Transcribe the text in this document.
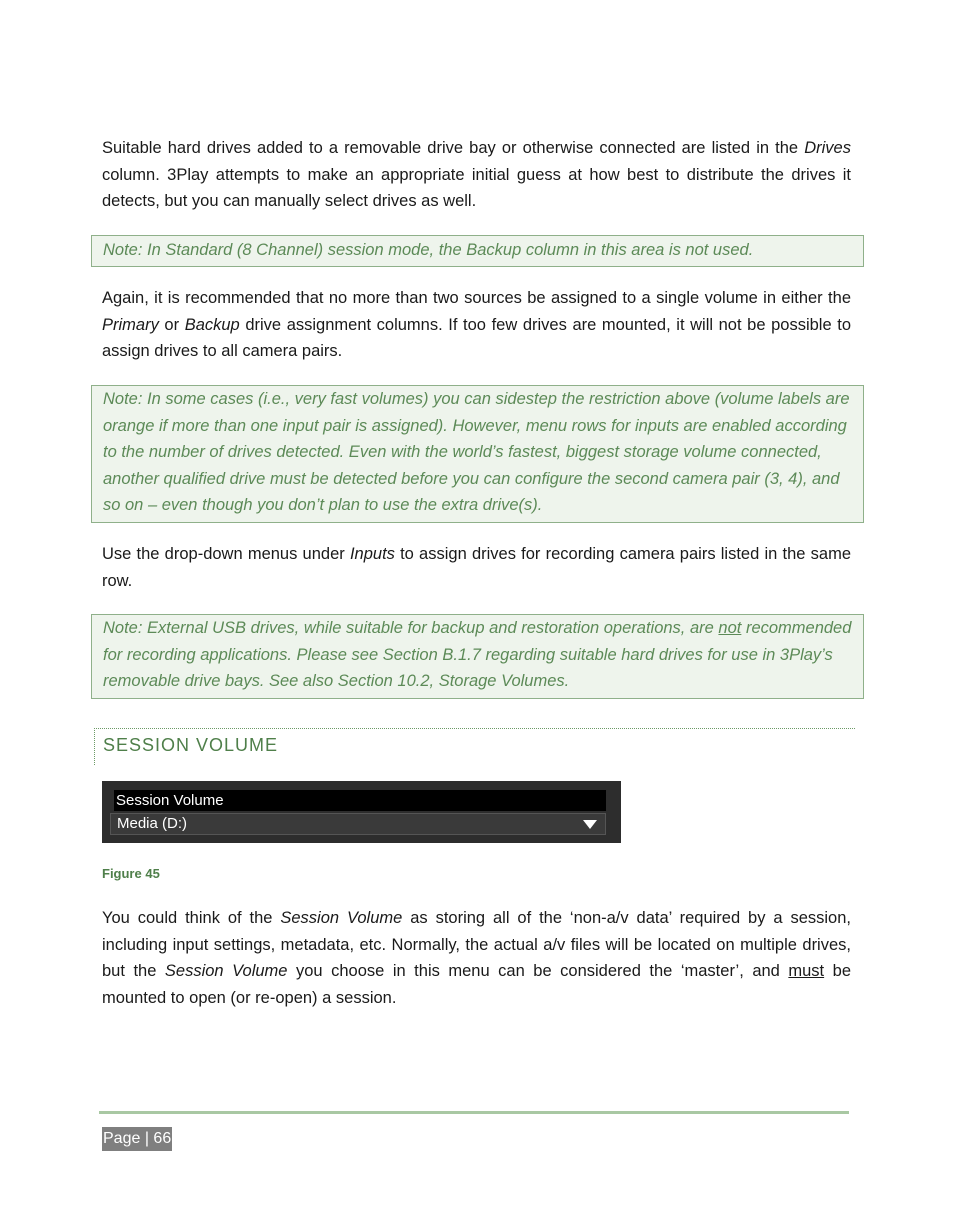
Suitable hard drives added to a removable drive bay or otherwise connected are listed in the Drives column. 3Play attempts to make an appropriate initial guess at how best to distribute the drives it detects, but you can manually select drives as well.

Note: In Standard (8 Channel) session mode, the Backup column in this area is not used.

Again, it is recommended that no more than two sources be assigned to a single volume in either the Primary or Backup drive assignment columns. If too few drives are mounted, it will not be possible to assign drives to all camera pairs.

Note: In some cases (i.e., very fast volumes) you can sidestep the restriction above (volume labels are orange if more than one input pair is assigned). However, menu rows for inputs are enabled according to the number of drives detected. Even with the world’s fastest, biggest storage volume connected, another qualified drive must be detected before you can configure the second camera pair (3, 4), and so on – even though you don’t plan to use the extra drive(s).

Use the drop-down menus under Inputs to assign drives for recording camera pairs listed in the same row.

Note: External USB drives, while suitable for backup and restoration operations, are not recommended for recording applications. Please see Section B.1.7 regarding suitable hard drives for use in 3Play’s removable drive bays. See also Section 10.2, Storage Volumes.

SESSION VOLUME
Session Volume
Media (D:)
Figure 45

You could think of the Session Volume as storing all of the ‘non-a/v data’ required by a session, including input settings, metadata, etc. Normally, the actual a/v files will be located on multiple drives, but the Session Volume you choose in this menu can be considered the ‘master’, and must be mounted to open (or re-open) a session.

Page | 66
